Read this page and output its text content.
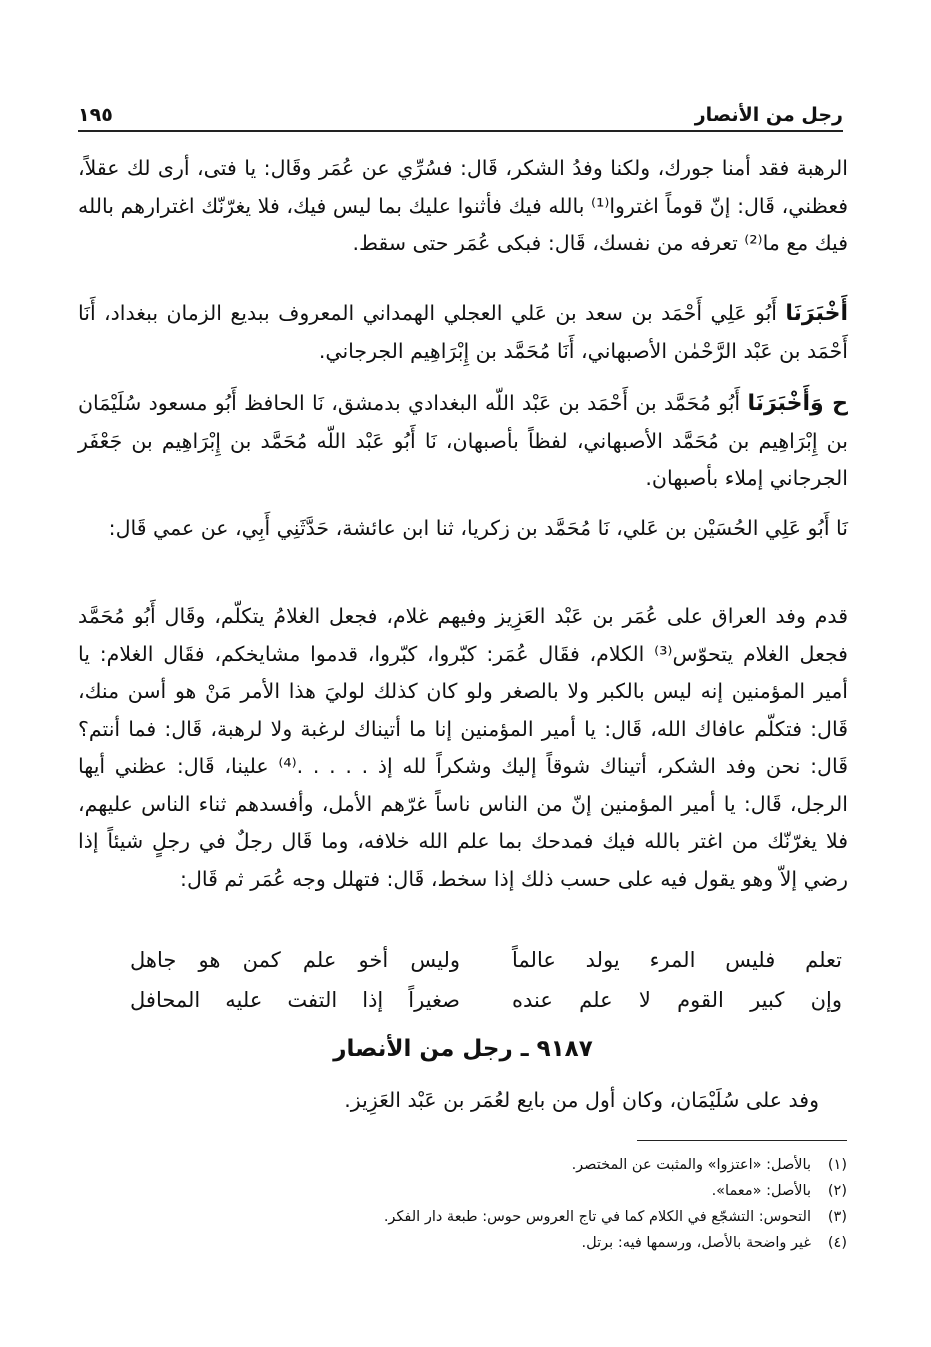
رجل من الأنصار
١٩٥
الرهبة فقد أمنا جورك، ولكنا وفدُ الشكر، قَال: فسُرِّي عن عُمَر وقَال: يا فتى، أرى لك عقلاً، فعظني، قَال: إنّ قوماً اغتروا⁽¹⁾ بالله فيك فأثنوا عليك بما ليس فيك، فلا يغرّنّك اغترارهم بالله فيك مع ما⁽²⁾ تعرفه من نفسك، قَال: فبكى عُمَر حتى سقط.
أَخْبَرَنَا أَبُو عَلِي أَحْمَد بن سعد بن عَلي العجلي الهمداني المعروف ببديع الزمان ببغداد، أَنَا أَحْمَد بن عَبْد الرَّحْمٰن الأصبهاني، أَنَا مُحَمَّد بن إِبْرَاهِيم الجرجاني.
ح وَأَخْبَرَنَا أَبُو مُحَمَّد بن أَحْمَد بن عَبْد اللّه البغدادي بدمشق، نَا الحافظ أَبُو مسعود سُلَيْمَان بن إِبْرَاهِيم بن مُحَمَّد الأصبهاني، لفظاً بأصبهان، نَا أَبُو عَبْد اللّه مُحَمَّد بن إِبْرَاهِيم بن جَعْفَر الجرجاني إملاء بأصبهان.
نَا أَبُو عَلِي الحُسَيْن بن عَلي، نَا مُحَمَّد بن زكريا، ثنا ابن عائشة، حَدَّثَنِي أَبِي، عن عمي قَال:
قدم وفد العراق على عُمَر بن عَبْد العَزِيز وفيهم غلام، فجعل الغلامُ يتكلّم، وقَال أَبُو مُحَمَّد فجعل الغلام يتحوّس⁽³⁾ الكلام، فقَال عُمَر: كبّروا، كبّروا، قدموا مشايخكم، فقَال الغلام: يا أمير المؤمنين إنه ليس بالكبر ولا بالصغر ولو كان كذلك لوليَ هذا الأمر مَنْ هو أسن منك، قَال: فتكلّم عافاك الله، قَال: يا أمير المؤمنين إنا ما أتيناك لرغبة ولا لرهبة، قَال: فما أنتم؟ قَال: نحن وفد الشكر، أتيناك شوقاً إليك وشكراً لله إذ . . . . .⁽⁴⁾ علينا، قَال: عظني أيها الرجل، قَال: يا أمير المؤمنين إنّ من الناس ناساً غرّهم الأمل، وأفسدهم ثناء الناس عليهم، فلا يغرّنّك من اغتر بالله فيك فمدحك بما علم الله خلافه، وما قَال رجلٌ في رجلٍ شيئاً إذا رضي إلاّ وهو يقول فيه على حسب ذلك إذا سخط، قَال: فتهلل وجه عُمَر ثم قَال:
تعلم فليس المرء يولد عالماً
وليس أخو علم كمن هو جاهل
وإن كبير القوم لا علم عنده
صغيراً إذا التفت عليه المحافل
٩١٨٧ ـ رجل من الأنصار
وفد على سُلَيْمَان، وكان أول من بايع لعُمَر بن عَبْد العَزِيز.
(١)
بالأصل: «اعتزوا» والمثبت عن المختصر.
(٢)
بالأصل: «معما».
(٣)
التحوس: التشجّع في الكلام كما في تاج العروس حوس: طبعة دار الفكر.
(٤)
غير واضحة بالأصل، ورسمها فيه: برتل.
